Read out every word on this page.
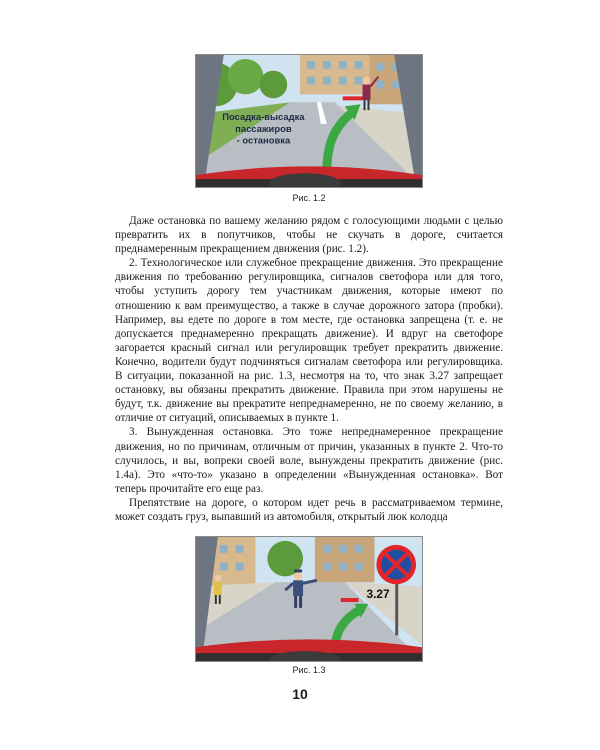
Посадка-высадка
пассажиров
- остановка
Рис. 1.2

Даже остановка по вашему желанию рядом с голосующими людьми с целью превратить их в попутчиков, чтобы не скучать в дороге, считается преднамеренным прекращением движения (рис. 1.2).

2. Технологическое или служебное прекращение движения. Это прекращение движения по требованию регулировщика, сигналов светофора или для того, чтобы уступить дорогу тем участникам движения, которые имеют по отношению к вам преимущество, а также в случае дорожного затора (пробки). Например, вы едете по дороге в том месте, где остановка запрещена (т. е. не допускается преднамеренно прекращать движение). И вдруг на светофоре загорается красный сигнал или регулировщик требует прекратить движение. Конечно, водители будут подчиняться сигналам светофора или регулировщика. В ситуации, показанной на рис. 1.3, несмотря на то, что знак 3.27 запрещает остановку, вы обязаны прекратить движение. Правила при этом нарушены не будут, т.к. движение вы прекратите непреднамеренно, не по своему желанию, в отличие от ситуаций, описываемых в пункте 1.

3. Вынужденная остановка. Это тоже непреднамеренное прекращение движения, но по причинам, отличным от причин, указанных в пункте 2. Что-то случилось, и вы, вопреки своей воле, вынуждены прекратить движение (рис. 1.4а). Это «что-то» указано в определении «Вынужденная остановка». Вот теперь прочитайте его еще раз.

Препятствие на дороге, о котором идет речь в рассматриваемом термине, может создать груз, выпавший из автомобиля, открытый люк колодца

3.27
Рис. 1.3
10
